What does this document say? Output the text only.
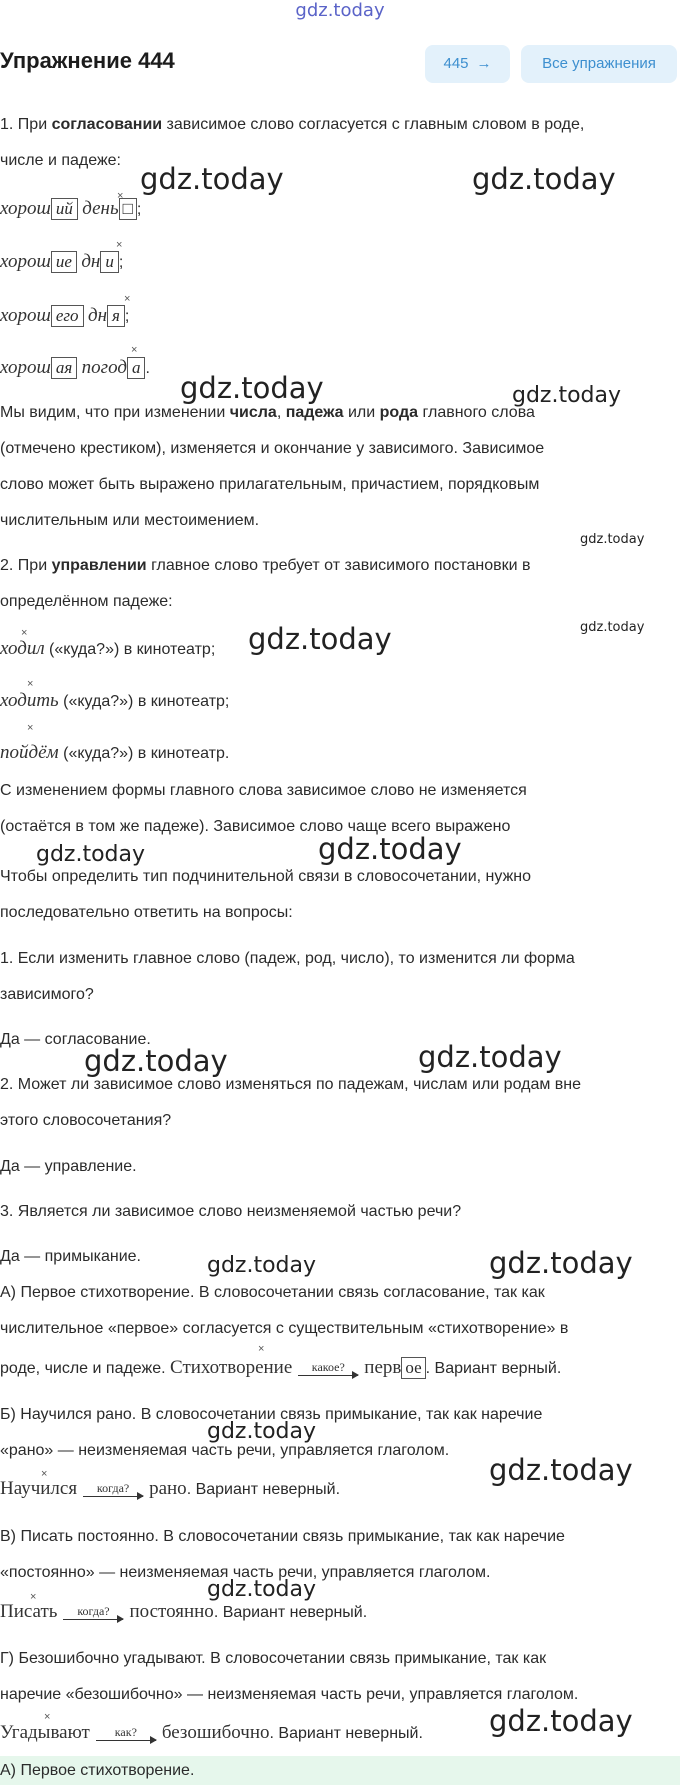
gdz.today
Упражнение 444	445 →	Все упражнения
1. При согласовании зависимое слово согласуется с главным словом в роде,
числе и падеже:
хорош ий день □ ;
×
хорош ие дн и ;
×
хорош его дн я ;
×
хорош ая погод а .
×
Мы видим, что при изменении числа, падежа или рода главного слова
(отмечено крестиком), изменяется и окончание у зависимого. Зависимое
слово может быть выражено прилагательным, причастием, порядковым
числительным или местоимением.
2. При управлении главное слово требует от зависимого постановки в
определённом падеже:
ходил («куда?») в кинотеатр;
×
ходить («куда?») в кинотеатр;
×
пойдём («куда?») в кинотеатр.
×
С изменением формы главного слова зависимое слово не изменяется
(остаётся в том же падеже). Зависимое слово чаще всего выражено
Чтобы определить тип подчинительной связи в словосочетании, нужно
последовательно ответить на вопросы:
1. Если изменить главное слово (падеж, род, число), то изменится ли форма
зависимого?
Да — согласование.
2. Может ли зависимое слово изменяться по падежам, числам или родам вне
этого словосочетания?
Да — управление.
3. Является ли зависимое слово неизменяемой частью речи?
Да — примыкание.
А) Первое стихотворение. В словосочетании связь согласование, так как
числительное «первое» согласуется с существительным «стихотворение» в
роде, числе и падеже. Стихотворение	какое?	перв ое . Вариант верный.
×
Б) Научился рано. В словосочетании связь примыкание, так как наречие
«рано» — неизменяемая часть речи, управляется глаголом.
Научился	когда?	рано. Вариант неверный.
×
В) Писать постоянно. В словосочетании связь примыкание, так как наречие
«постоянно» — неизменяемая часть речи, управляется глаголом.
Писать	когда?	постоянно. Вариант неверный.
×
Г) Безошибочно угадывают. В словосочетании связь примыкание, так как
наречие «безошибочно» — неизменяемая часть речи, управляется глаголом.
Угадывают	как?	безошибочно. Вариант неверный.
×
А) Первое стихотворение.
gdz.today	gdz.today
gdz.today	gdz.today
gdz.today
gdz.today
gdz.today
gdz.today	gdz.today
gdz.today	gdz.today
gdz.today	gdz.today
gdz.today
gdz.today
gdz.today
gdz.today
